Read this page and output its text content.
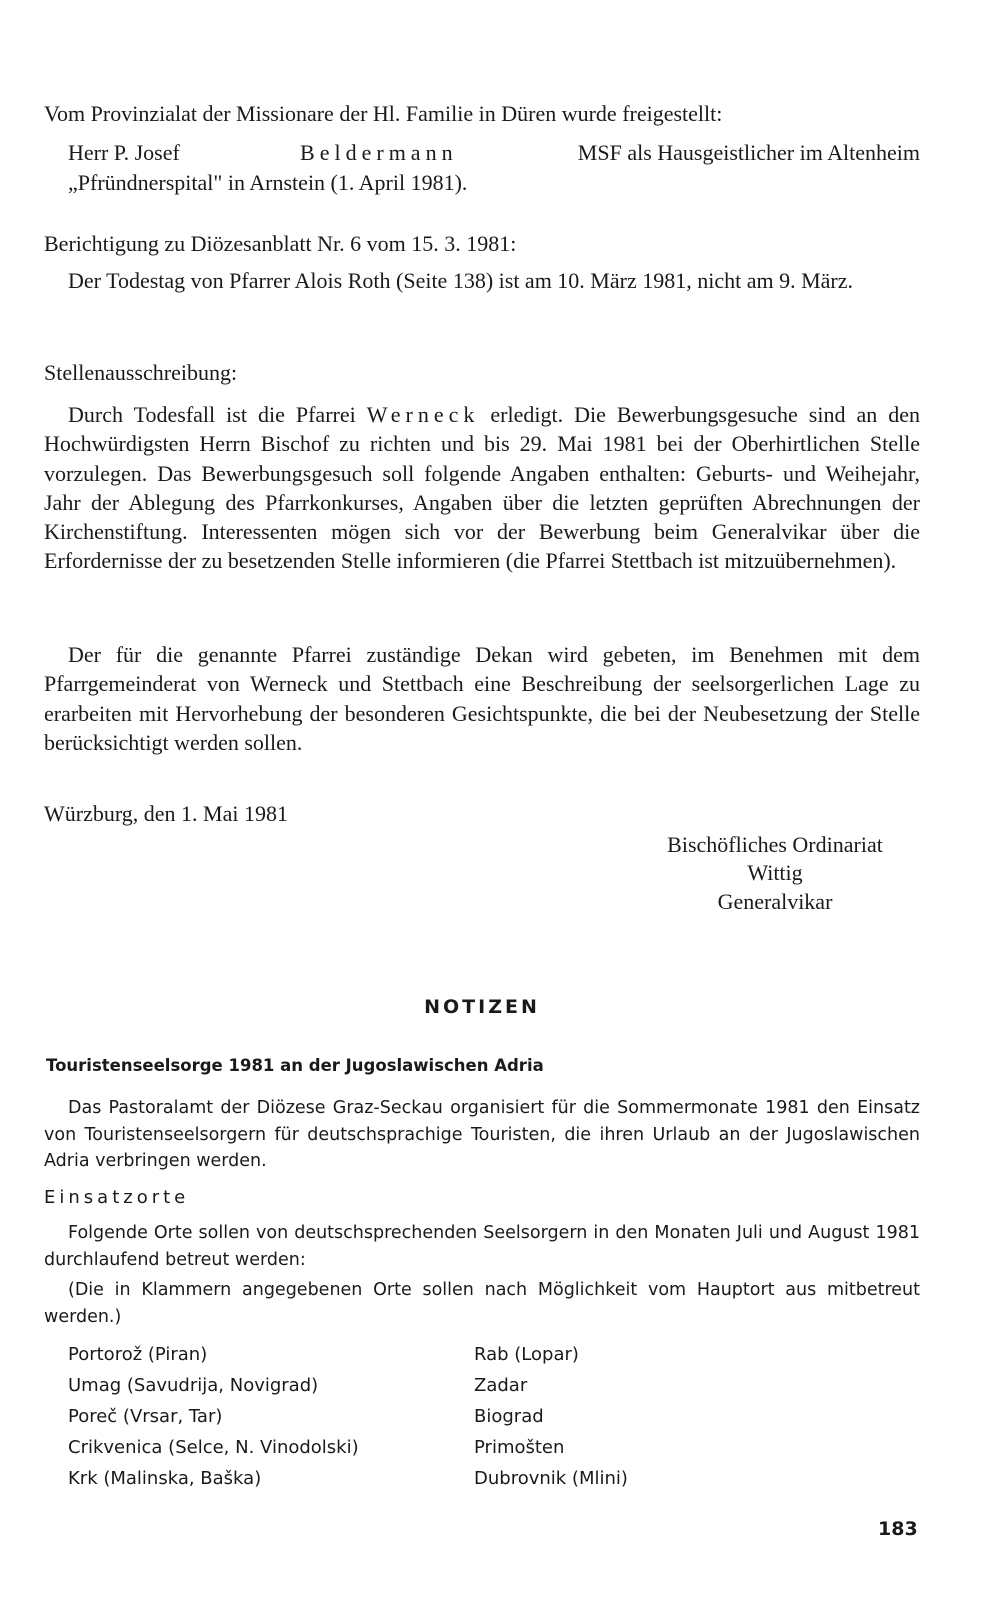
Vom Provinzialat der Missionare der Hl. Familie in Düren wurde freigestellt:
Herr P. Josef	Beldermann	MSF als Hausgeistlicher im Altenheim
„Pfründnerspital" in Arnstein (1. April 1981).
Berichtigung zu Diözesanblatt Nr. 6 vom 15. 3. 1981:
Der Todestag von Pfarrer Alois Roth (Seite 138) ist am 10. März 1981, nicht am 9. März.
Stellenausschreibung:
Durch Todesfall ist die Pfarrei Werneck erledigt. Die Bewerbungsgesuche sind an den Hochwürdigsten Herrn Bischof zu richten und bis 29. Mai 1981 bei der Oberhirtlichen Stelle vorzulegen. Das Bewerbungsgesuch soll folgende Angaben enthalten: Geburts- und Weihejahr, Jahr der Ablegung des Pfarrkonkurses, Angaben über die letzten geprüften Abrechnungen der Kirchenstiftung. Interessenten mögen sich vor der Bewerbung beim Generalvikar über die Erfordernisse der zu besetzenden Stelle informieren (die Pfarrei Stettbach ist mitzuübernehmen).
Der für die genannte Pfarrei zuständige Dekan wird gebeten, im Benehmen mit dem Pfarrgemeinderat von Werneck und Stettbach eine Beschreibung der seelsorgerlichen Lage zu erarbeiten mit Hervorhebung der besonderen Gesichtspunkte, die bei der Neubesetzung der Stelle berücksichtigt werden sollen.
Würzburg, den 1. Mai 1981
Bischöfliches Ordinariat
Wittig
Generalvikar
NOTIZEN
Touristenseelsorge 1981 an der Jugoslawischen Adria
Das Pastoralamt der Diözese Graz-Seckau organisiert für die Sommermonate 1981 den Einsatz von Touristenseelsorgern für deutschsprachige Touristen, die ihren Urlaub an der Jugoslawischen Adria verbringen werden.
Einsatzorte
Folgende Orte sollen von deutschsprechenden Seelsorgern in den Monaten Juli und August 1981 durchlaufend betreut werden:
(Die in Klammern angegebenen Orte sollen nach Möglichkeit vom Hauptort aus mitbetreut werden.)
Portorož (Piran)
Umag (Savudrija, Novigrad)
Poreč (Vrsar, Tar)
Crikvenica (Selce, N. Vinodolski)
Krk (Malinska, Baška)
Rab (Lopar)
Zadar
Biograd
Primošten
Dubrovnik (Mlini)
183
